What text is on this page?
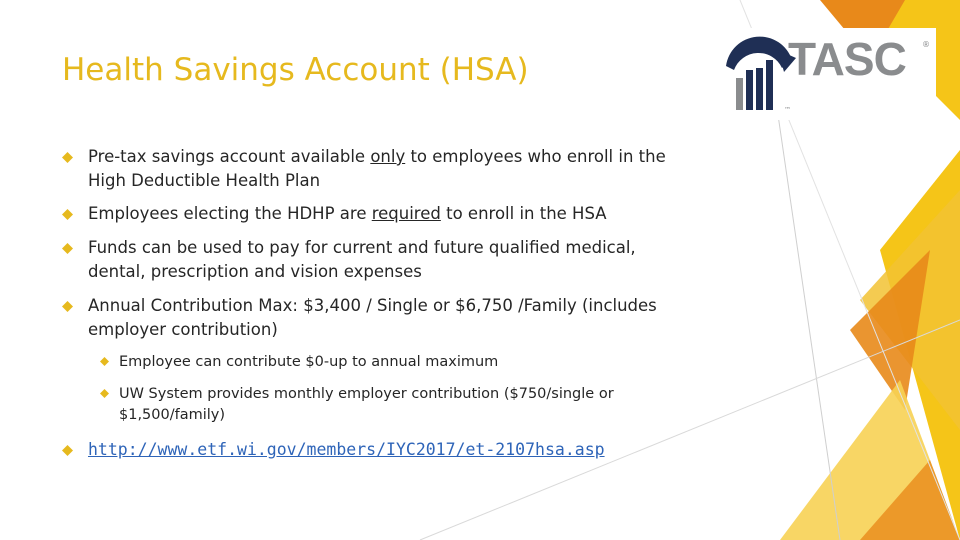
Health Savings Account (HSA)	TASC ®
™
Pre-tax savings account available only to employees who enroll in the
High Deductible Health Plan
Employees electing the HDHP are required to enroll in the HSA
Funds can be used to pay for current and future qualified medical,
dental, prescription and vision expenses
Annual Contribution Max: $3,400 / Single or $6,750 /Family (includes
employer contribution)
Employee can contribute $0-up to annual maximum
UW System provides monthly employer contribution ($750/single or
$1,500/family)
http://www.etf.wi.gov/members/IYC2017/et-2107hsa.asp
